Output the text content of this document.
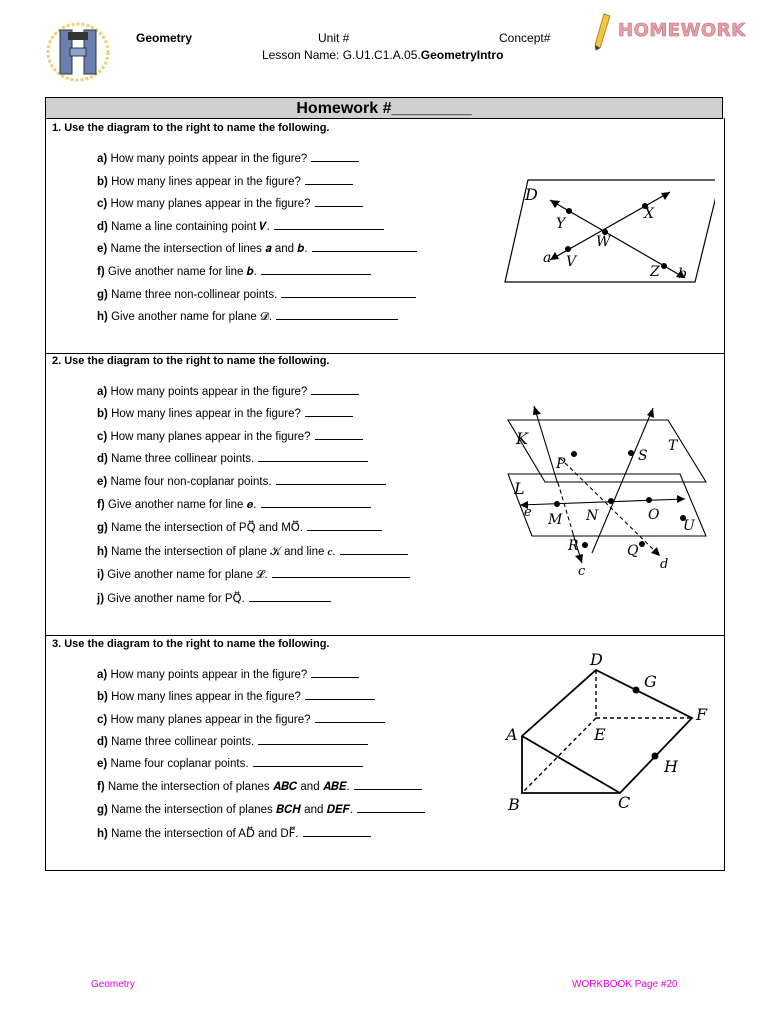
Geometry	Unit #	Concept#
Lesson Name: G.U1.C1.A.05.GeometryIntro
HOMEWORK
Homework #_________
1. Use the diagram to the right to name the following.
a) How many points appear in the figure?
b) How many lines appear in the figure?
c) How many planes appear in the figure?
d) Name a line containing point 𝑽.
e) Name the intersection of lines 𝒂 and 𝒃.
f) Give another name for line 𝒃.
g) Name three non-collinear points.
h) Give another name for plane 𝓓.
D
Y
X
W
V
Z
a
b
2. Use the diagram to the right to name the following.
a) How many points appear in the figure?
b) How many lines appear in the figure?
c) How many planes appear in the figure?
d) Name three collinear points.
e) Name four non-coplanar points.
f) Give another name for line 𝒆.
g) Name the intersection of PQ⃡ and MO⃡.
h) Name the intersection of plane 𝒦 and line 𝒄.
i) Give another name for plane 𝓛.
j) Give another name for PQ⃡.
K
L
P	S
T
M N	O
U
R	Q
e
c	d
3. Use the diagram to the right to name the following.
a) How many points appear in the figure?
b) How many lines appear in the figure?
c) How many planes appear in the figure?
d) Name three collinear points.
e) Name four coplanar points.
f) Name the intersection of planes 𝑨𝑩𝑪 and 𝑨𝑩𝑬.
g) Name the intersection of planes 𝑩𝑪𝑯 and 𝑫𝑬𝑭.
h) Name the intersection of AD⃡ and DF⃡.
D
G
F
A	E
H
B	C
Geometry	WORKBOOK Page #20
